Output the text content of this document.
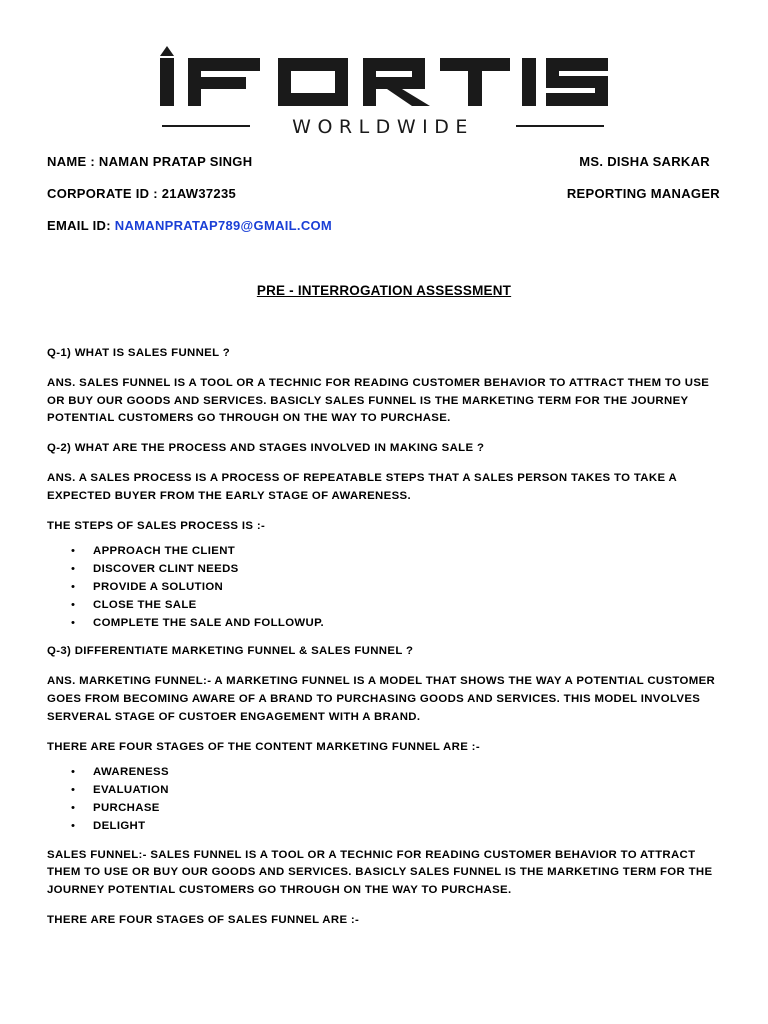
WORLDWIDE
NAME : NAMAN PRATAP SINGH
CORPORATE ID : 21AW37235
EMAIL ID: NAMANPRATAP789@GMAIL.COM
MS. DISHA SARKAR
REPORTING MANAGER
PRE - INTERROGATION ASSESSMENT

Q-1) WHAT IS SALES FUNNEL ?

ANS. SALES FUNNEL IS A TOOL OR A TECHNIC FOR READING CUSTOMER BEHAVIOR TO ATTRACT THEM TO USE OR BUY OUR GOODS AND SERVICES. BASICLY SALES FUNNEL IS THE MARKETING TERM FOR THE JOURNEY POTENTIAL CUSTOMERS GO THROUGH ON THE WAY TO PURCHASE.

Q-2) WHAT ARE THE PROCESS AND STAGES INVOLVED IN MAKING SALE ?

ANS. A SALES PROCESS IS A PROCESS OF REPEATABLE STEPS THAT A SALES PERSON TAKES TO TAKE A EXPECTED BUYER FROM THE EARLY STAGE OF AWARENESS.

THE STEPS OF SALES PROCESS IS :-

• APPROACH THE CLIENT
• DISCOVER CLINT NEEDS
• PROVIDE A SOLUTION
• CLOSE THE SALE
• COMPLETE THE SALE AND FOLLOWUP.

Q-3) DIFFERENTIATE MARKETING FUNNEL & SALES FUNNEL ?

ANS. MARKETING FUNNEL:- A MARKETING FUNNEL IS A MODEL THAT SHOWS THE WAY A POTENTIAL CUSTOMER GOES FROM BECOMING AWARE OF A BRAND TO PURCHASING GOODS AND SERVICES. THIS MODEL INVOLVES SERVERAL STAGE OF CUSTOER ENGAGEMENT WITH A BRAND.

THERE ARE FOUR STAGES OF THE CONTENT MARKETING FUNNEL ARE :-

• AWARENESS
• EVALUATION
• PURCHASE
• DELIGHT

SALES FUNNEL:- SALES FUNNEL IS A TOOL OR A TECHNIC FOR READING CUSTOMER BEHAVIOR TO ATTRACT THEM TO USE OR BUY OUR GOODS AND SERVICES. BASICLY SALES FUNNEL IS THE MARKETING TERM FOR THE JOURNEY POTENTIAL CUSTOMERS GO THROUGH ON THE WAY TO PURCHASE.

THERE ARE FOUR STAGES OF SALES FUNNEL ARE :-
